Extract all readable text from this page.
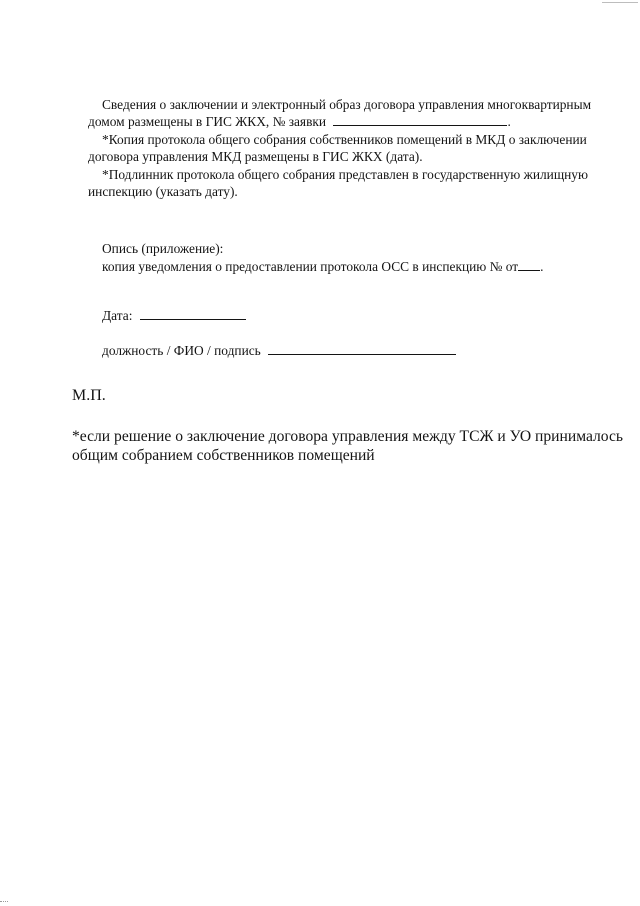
Сведения о заключении и электронный образ договора управления многоквартирным
домом размещены в ГИС ЖКХ, № заявки	.
*Копия протокола общего собрания собственников помещений в МКД о заключении
договора управления МКД размещены в ГИС ЖКХ (дата).
*Подлинник протокола общего собрания представлен в государственную жилищную
инспекцию (указать дату).
Опись (приложение):
копия уведомления о предоставлении протокола ОСС в инспекцию № от .
Дата:
должность / ФИО / подпись
М.П.
*если решение о заключение договора управления между ТСЖ и УО принималось
общим собранием собственников помещений
